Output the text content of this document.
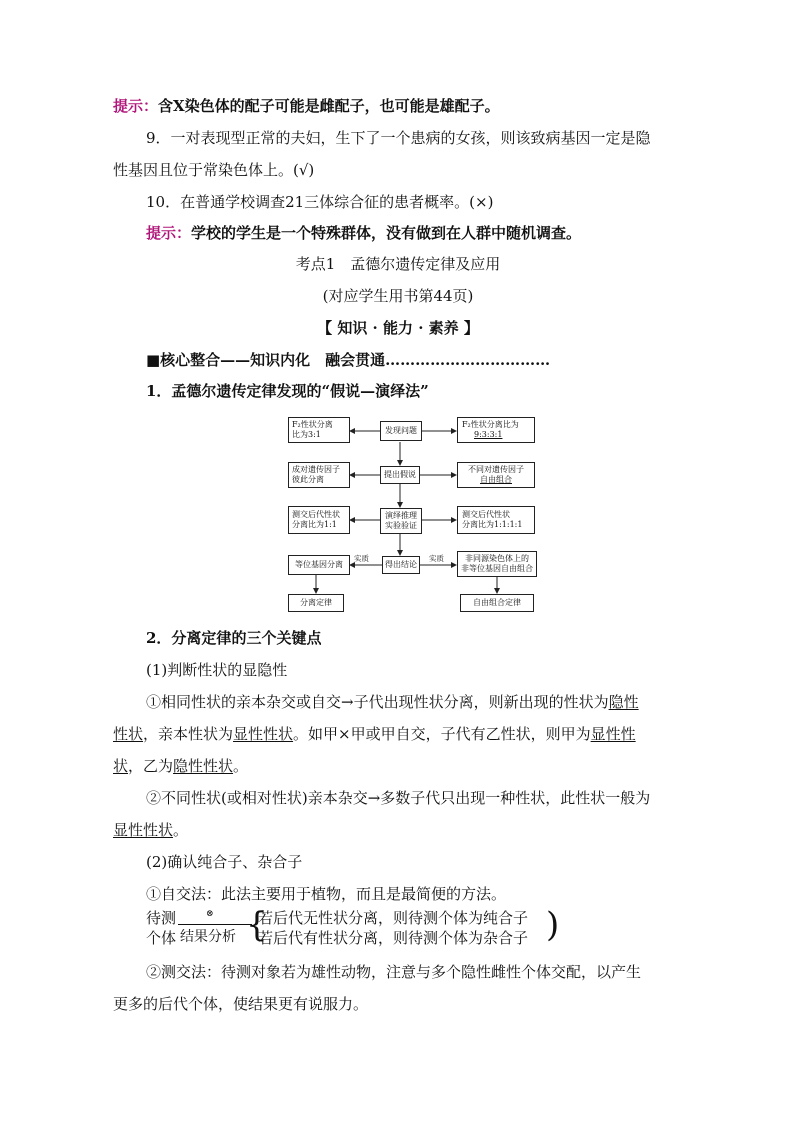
提示：含X染色体的配子可能是雌配子，也可能是雄配子。
9．一对表现型正常的夫妇，生下了一个患病的女孩，则该致病基因一定是隐
性基因且位于常染色体上。(√)
10．在普通学校调查21三体综合征的患者概率。(×)
提示：学校的学生是一个特殊群体，没有做到在人群中随机调查。
考点1　孟德尔遗传定律及应用
(对应学生用书第44页)
【 知识 · 能力 · 素养 】
■核心整合——知识内化　融会贯通……………………………
1．孟德尔遗传定律发现的“假说—演绎法”
发现问题
提出假说
演绎推理
实验验证
得出结论
F₂性状分离
比为3:1
成对遗传因子
彼此分离
测交后代性状
分离比为1:1
等位基因分离
分离定律
F₂性状分离比为
9:3:3:1
不同对遗传因子
自由组合
测交后代性状
分离比为1:1:1:1
非同源染色体上的
非等位基因自由组合
自由组合定律
实质	实质
2．分离定律的三个关键点
(1)判断性状的显隐性
①相同性状的亲本杂交或自交→子代出现性状分离，则新出现的性状为隐性
性状，亲本性状为显性性状。如甲×甲或甲自交，子代有乙性状，则甲为显性性
状，乙为隐性性状。
②不同性状(或相对性状)亲本杂交→多数子代只出现一种性状，此性状一般为
显性性状。
(2)确认纯合子、杂合子
①自交法：此法主要用于植物，而且是最简便的方法。
待测
个体
⊗
结果分析 {
若后代无性状分离，则待测个体为纯合子
若后代有性状分离，则待测个体为杂合子 )
②测交法：待测对象若为雄性动物，注意与多个隐性雌性个体交配，以产生
更多的后代个体，使结果更有说服力。
